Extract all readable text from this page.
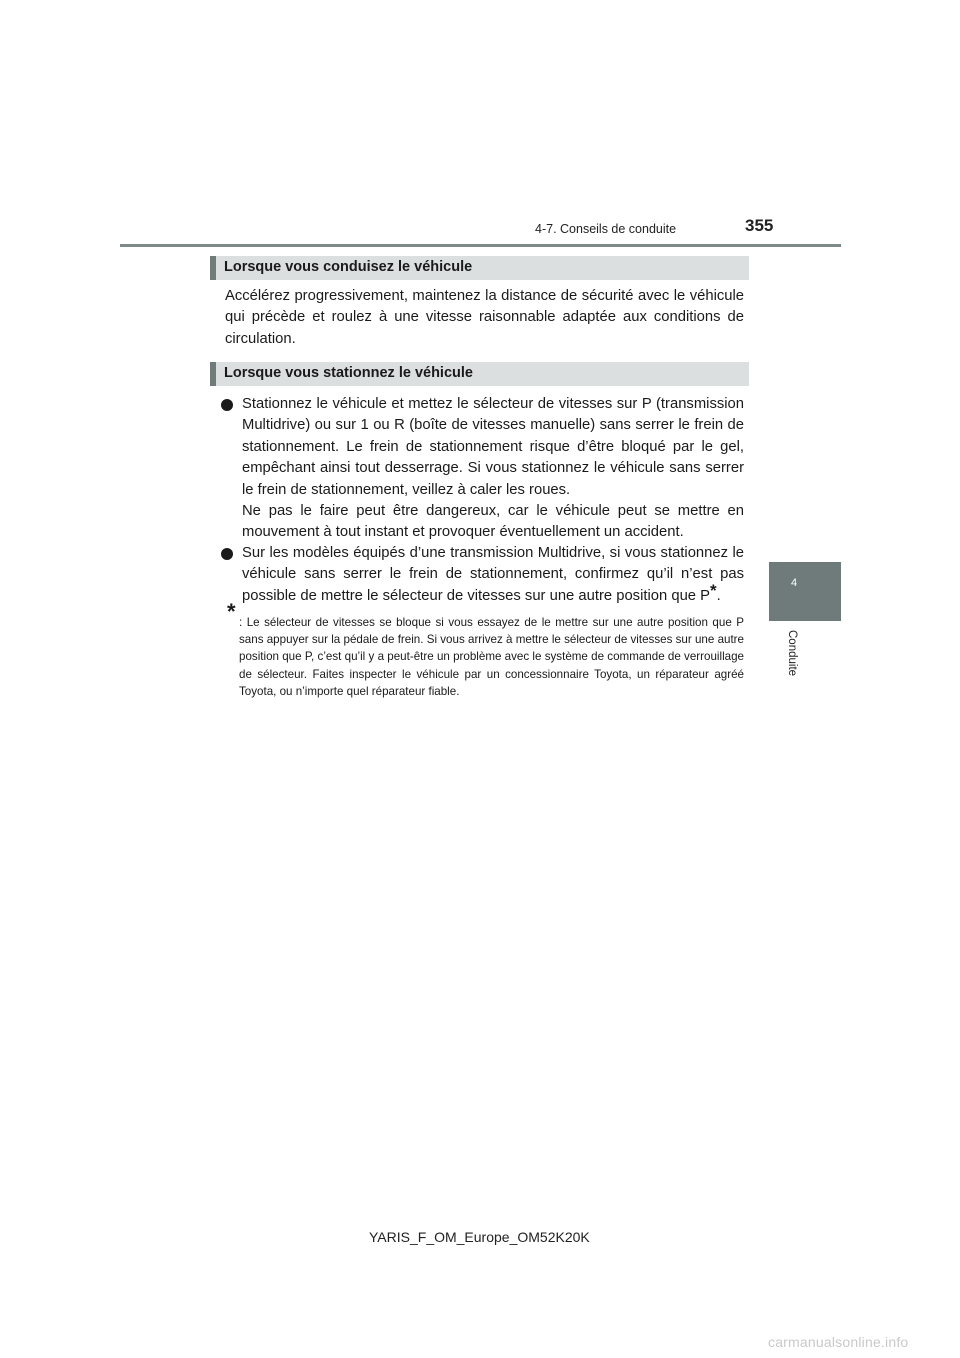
4-7. Conseils de conduite	355
4
Conduite
Lorsque vous conduisez le véhicule

Accélérez progressivement, maintenez la distance de sécurité avec le véhicule qui précède et roulez à une vitesse raisonnable adaptée aux conditions de circulation.

Lorsque vous stationnez le véhicule
Stationnez le véhicule et mettez le sélecteur de vitesses sur P (transmission Multidrive) ou sur 1 ou R (boîte de vitesses manuelle) sans serrer le frein de stationnement. Le frein de stationnement risque d’être bloqué par le gel, empêchant ainsi tout desserrage. Si vous stationnez le véhicule sans serrer le frein de stationnement, veillez à caler les roues.
Ne pas le faire peut être dangereux, car le véhicule peut se mettre en mouvement à tout instant et provoquer éventuellement un accident.
Sur les modèles équipés d’une transmission Multidrive, si vous stationnez le véhicule sans serrer le frein de stationnement, confirmez qu’il n’est pas possible de mettre le sélecteur de vitesses sur une autre position que P*.
* : Le sélecteur de vitesses se bloque si vous essayez de le mettre sur une autre position que P sans appuyer sur la pédale de frein. Si vous arrivez à mettre le sélecteur de vitesses sur une autre position que P, c’est qu’il y a peut-être un problème avec le système de commande de verrouillage de sélecteur. Faites inspecter le véhicule par un concessionnaire Toyota, un réparateur agréé Toyota, ou n’importe quel réparateur fiable.
YARIS_F_OM_Europe_OM52K20K
carmanualsonline.info
